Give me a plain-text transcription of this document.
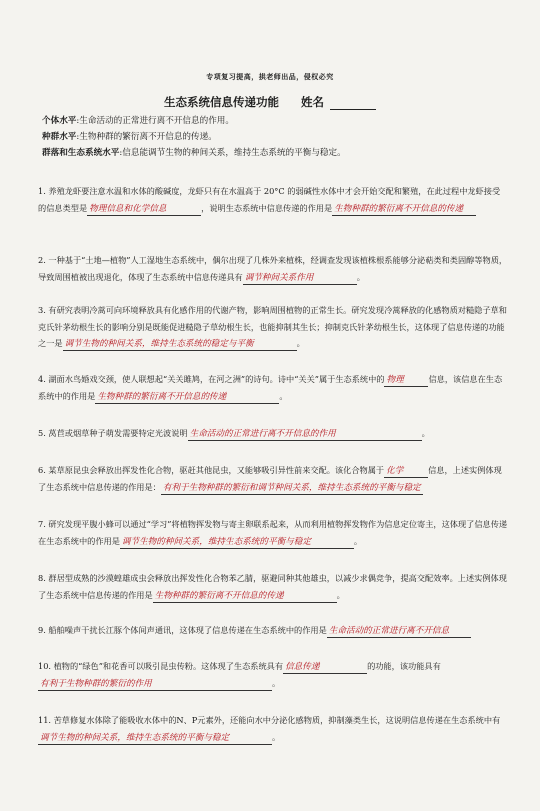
专项复习提高，拱老师出品，侵权必究
生态系统信息传递功能 姓名
个体水平:生命活动的正常进行离不开信息的作用。
种群水平:生物种群的繁衍离不开信息的传递。
群落和生态系统水平:信息能调节生物的种间关系，维持生态系统的平衡与稳定。
1. 养殖龙虾要注意水温和水体的酸碱度，龙虾只有在水温高于 20°C 的弱碱性水体中才会开始交配和繁殖，在此过程中龙虾接受的信息类型是 物理信息和化学信息	，说明生态系统中信息传递的作用是 生物种群的繁衍离不开信息的传递
2. 一种基于“土地—植物”人工湿地生态系统中，偶尔出现了几株外来植株，经调查发现该植株根系能够分泌萜类和类固醇等物质，导致周围植被出现退化，体现了生态系统中信息传递具有 调节种间关系作用	。
3. 有研究表明冷蒿可向环境释放具有化感作用的代谢产物，影响周围植物的正常生长。研究发现冷蒿释放的化感物质对糙隐子草和克氏针茅幼根生长的影响分别是既能促进糙隐子草幼根生长，也能抑制其生长；抑制克氏针茅幼根生长，这体现了信息传递的功能之一是 调节生物的种间关系，维持生态系统的稳定与平衡	。
4. 湖面水鸟婚戏交颈，使人联想起“关关雎鸠，在河之洲”的诗句。诗中“关关”属于生态系统中的 物理	信息，该信息在生态系统中的作用是 生物种群的繁衍离不开信息的传递	。
5. 莴苣或烟草种子萌发需要特定光波说明 生命活动的正常进行离不开信息的作用	。
6. 某草原昆虫会释放出挥发性化合物，驱赶其他昆虫，又能够吸引异性前来交配。该化合物属于 化学	信息，上述实例体现了生态系统中信息传递的作用是： 有利于生物种群的繁衍和调节种间关系，维持生态系统的平衡与稳定
7. 研究发现平腹小蜂可以通过“学习”将植物挥发物与寄主卵联系起来，从而利用植物挥发物作为信息定位寄主，这体现了信息传递在生态系统中的作用是 调节生物的种间关系，维持生态系统的平衡与稳定	。
8. 群居型成熟的沙漠蝗雄成虫会释放出挥发性化合物苯乙腈，驱避同种其他雄虫，以减少求偶竞争，提高交配效率。上述实例体现了生态系统中信息传递的作用是 生物种群的繁衍离不开信息的传递	。
9. 船舶噪声干扰长江豚个体间声通讯，这体现了信息传递在生态系统中的作用是 生命活动的正常进行离不开信息
10. 植物的“绿色”和花香可以吸引昆虫传粉。这体现了生态系统具有 信息传递	的功能，该功能具有有利于生物种群的繁衍的作用	。
11. 苦草修复水体除了能吸收水体中的N、P元素外，还能向水中分泌化感物质，抑制藻类生长，这说明信息传递在生态系统中有调节生物的种间关系，维持生态系统的平衡与稳定	。
